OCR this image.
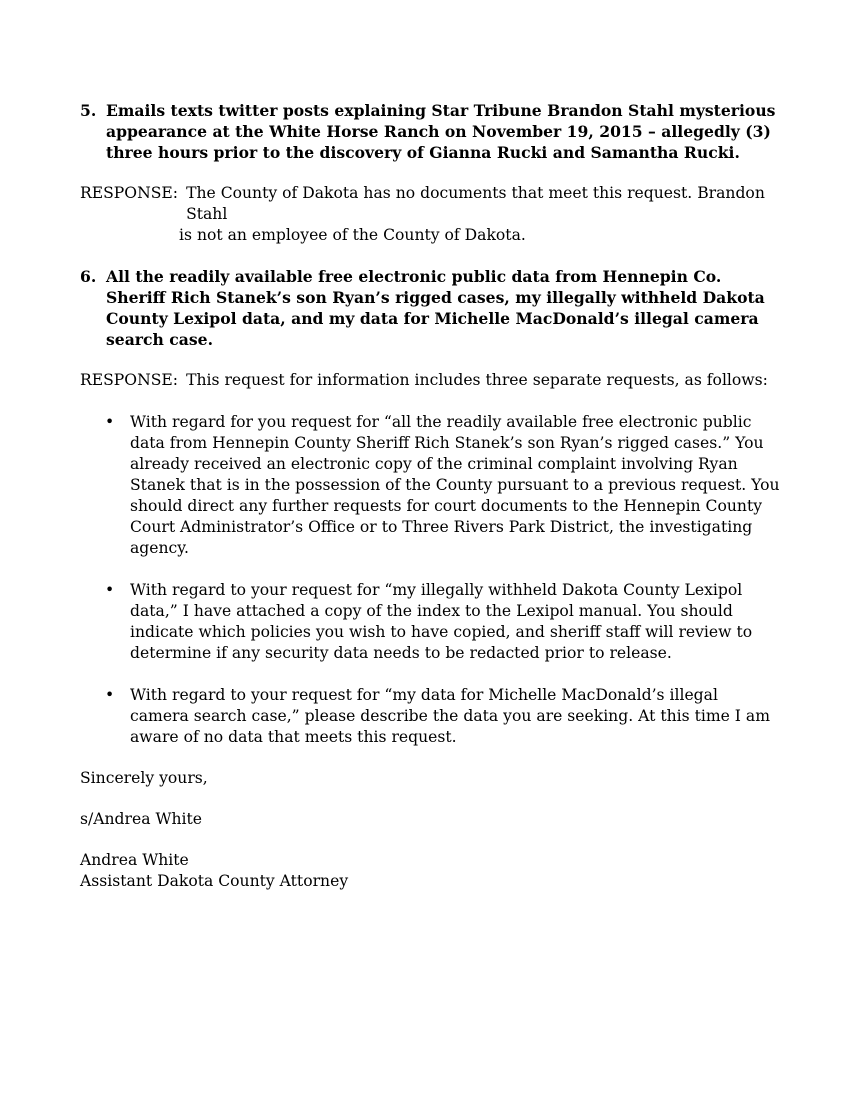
5. Emails texts twitter posts explaining Star Tribune Brandon Stahl mysterious appearance at the White Horse Ranch on November 19, 2015 – allegedly (3) three hours prior to the discovery of Gianna Rucki and Samantha Rucki.
RESPONSE: The County of Dakota has no documents that meet this request. Brandon Stahl
is not an employee of the County of Dakota.
6. All the readily available free electronic public data from Hennepin Co. Sheriff Rich Stanek’s son Ryan’s rigged cases, my illegally withheld Dakota County Lexipol data, and my data for Michelle MacDonald’s illegal camera search case.
RESPONSE: This request for information includes three separate requests, as follows:
•	With regard for you request for “all the readily available free electronic public data from Hennepin County Sheriff Rich Stanek’s son Ryan’s rigged cases.” You already received an electronic copy of the criminal complaint involving Ryan Stanek that is in the possession of the County pursuant to a previous request. You should direct any further requests for court documents to the Hennepin County Court Administrator’s Office or to Three Rivers Park District, the investigating agency.
•	With regard to your request for “my illegally withheld Dakota County Lexipol data,” I have attached a copy of the index to the Lexipol manual. You should indicate which policies you wish to have copied, and sheriff staff will review to determine if any security data needs to be redacted prior to release.
•	With regard to your request for “my data for Michelle MacDonald’s illegal camera search case,” please describe the data you are seeking. At this time I am aware of no data that meets this request.

Sincerely yours,

s/Andrea White

Andrea White

Assistant Dakota County Attorney
